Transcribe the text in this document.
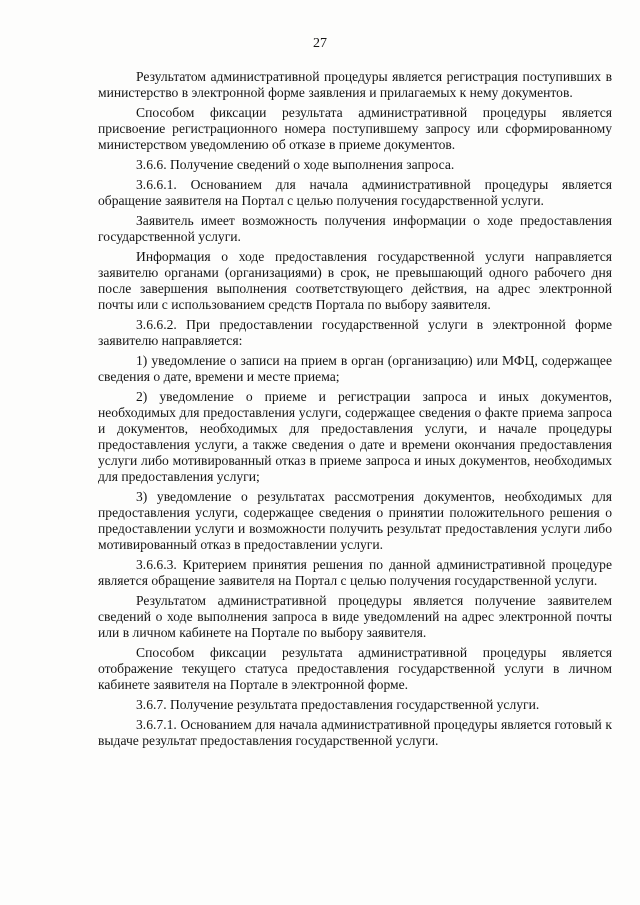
27

Результатом административной процедуры является регистрация поступивших в министерство в электронной форме заявления и прилагаемых к нему документов.

Способом фиксации результата административной процедуры является присвоение регистрационного номера поступившему запросу или сформированному министерством уведомлению об отказе в приеме документов.

3.6.6. Получение сведений о ходе выполнения запроса.

3.6.6.1. Основанием для начала административной процедуры является обращение заявителя на Портал с целью получения государственной услуги.

Заявитель имеет возможность получения информации о ходе предоставления государственной услуги.

Информация о ходе предоставления государственной услуги направляется заявителю органами (организациями) в срок, не превышающий одного рабочего дня после завершения выполнения соответствующего действия, на адрес электронной почты или с использованием средств Портала по выбору заявителя.

3.6.6.2. При предоставлении государственной услуги в электронной форме заявителю направляется:

1) уведомление о записи на прием в орган (организацию) или МФЦ, содержащее сведения о дате, времени и месте приема;

2) уведомление о приеме и регистрации запроса и иных документов, необходимых для предоставления услуги, содержащее сведения о факте приема запроса и документов, необходимых для предоставления услуги, и начале процедуры предоставления услуги, а также сведения о дате и времени окончания предоставления услуги либо мотивированный отказ в приеме запроса и иных документов, необходимых для предоставления услуги;

3) уведомление о результатах рассмотрения документов, необходимых для предоставления услуги, содержащее сведения о принятии положительного решения о предоставлении услуги и возможности получить результат предоставления услуги либо мотивированный отказ в предоставлении услуги.

3.6.6.3. Критерием принятия решения по данной административной процедуре является обращение заявителя на Портал с целью получения государственной услуги.

Результатом административной процедуры является получение заявителем сведений о ходе выполнения запроса в виде уведомлений на адрес электронной почты или в личном кабинете на Портале по выбору заявителя.

Способом фиксации результата административной процедуры является отображение текущего статуса предоставления государственной услуги в личном кабинете заявителя на Портале в электронной форме.

3.6.7. Получение результата предоставления государственной услуги.

3.6.7.1. Основанием для начала административной процедуры является готовый к выдаче результат предоставления государственной услуги.
